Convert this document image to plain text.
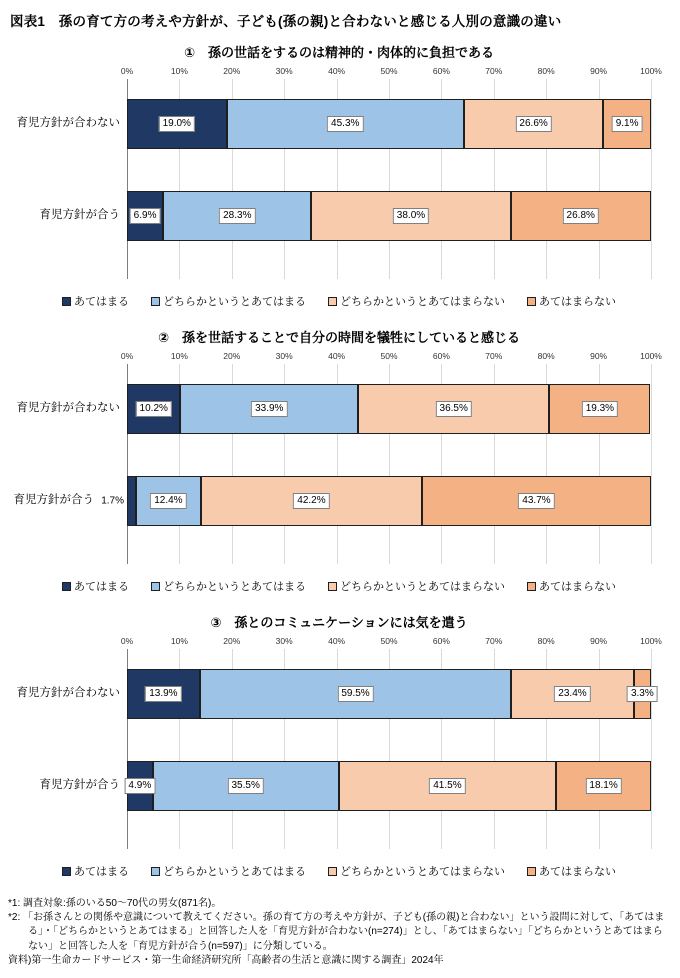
図表1　孫の育て方の考えや方針が、子ども(孫の親)と合わないと感じる人別の意識の違い
①　孫の世話をするのは精神的・肉体的に負担である
0%	10%	20%	30%	40%	50%	60%	70%	80%	90%	100%
育児方針が合わない	19.0%	45.3%	26.6%	9.1%
育児方針が合う	6.9%	28.3%	38.0%	26.8%
あてはまる	どちらかというとあてはまる	どちらかというとあてはまらない	あてはまらない
②　孫を世話することで自分の時間を犠牲にしていると感じる
0%	10%	20%	30%	40%	50%	60%	70%	80%	90%	100%
育児方針が合わない	10.2%	33.9%	36.5%	19.3%
育児方針が合う 1.7%	12.4%	42.2%	43.7%
あてはまる	どちらかというとあてはまる	どちらかというとあてはまらない	あてはまらない
③　孫とのコミュニケーションには気を遣う
0%	10%	20%	30%	40%	50%	60%	70%	80%	90%	100%
育児方針が合わない	13.9%	59.5%	23.4%	3.3%
育児方針が合う 4.9%	35.5%	41.5%	18.1%
あてはまる	どちらかというとあてはまる	どちらかというとあてはまらない	あてはまらない
*1: 調査対象:孫のいる50～70代の男女(871名)。
*2: 「お孫さんとの関係や意識について教えてください。孫の育て方の考えや方針が、子ども(孫の親)と合わない」という設問に対して、「あてはまる」・「どちらかというとあてはまる」と回答した人を「育児方針が合わない(n=274)」とし、「あてはまらない」「どちらかというとあてはまらない」と回答した人を「育児方針が合う(n=597)」に分類している。
資料)第一生命カードサービス・第一生命経済研究所「高齢者の生活と意識に関する調査」2024年
